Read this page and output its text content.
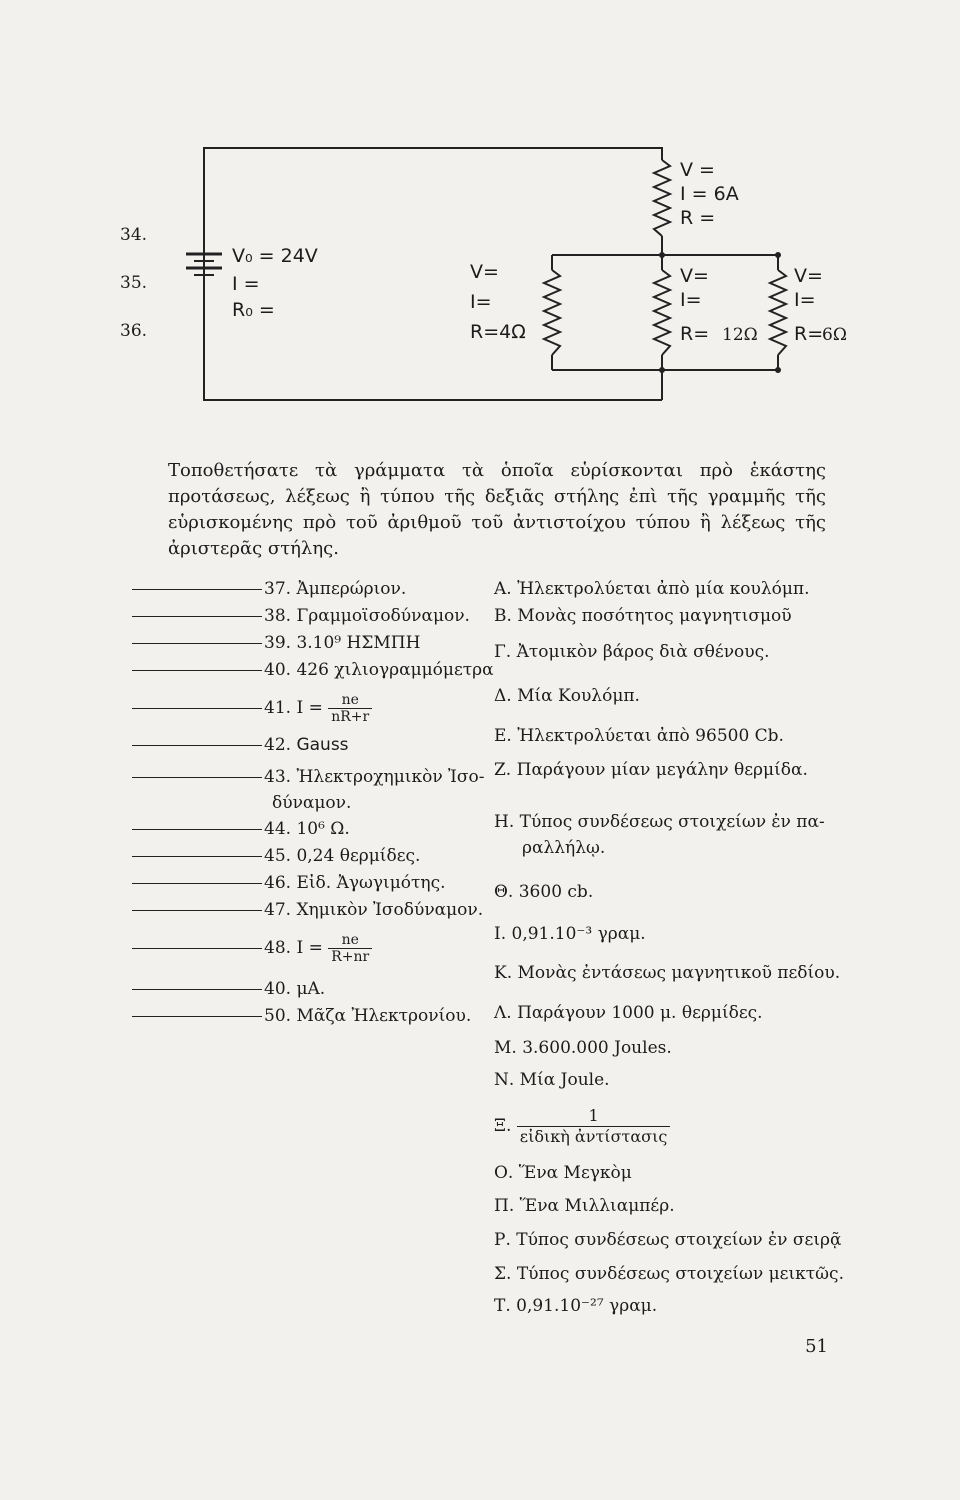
34.
35.
36.
V₀ = 24V
I =
R₀ =
V =
I = 6A
R =
V=
I=
R=4Ω
V=
I=
R= 12Ω
V=
I=
R=
6Ω
Τοποθετήσατε τὰ γράμματα τὰ ὁποῖα εὑρίσκονται πρὸ ἑκάστης προτάσεως, λέξεως ἢ τύπου τῆς δεξιᾶς στήλης ἐπὶ τῆς γραμμῆς τῆς εὑρισκομένης πρὸ τοῦ ἀριθμοῦ τοῦ ἀντιστοίχου τύπου ἢ λέξεως τῆς ἀριστερᾶς στήλης.
37. Ἀμπερώριον.
38. Γραμμοϊσοδύναμον.
39. 3.10⁹ ΗΣΜΠΗ
40. 426 χιλιογραμμόμετρα
41. $I = \frac{ne}{nR+r}$
42. Gauss
43. Ἠλεκτροχημικὸν Ἰσο-
δύναμον.
44. 10⁶ Ω.
45. 0,24 θερμίδες.
46. Εἰδ. Ἀγωγιμότης.
47. Χημικὸν Ἰσοδύναμον.
48. $I = \frac{ne}{R+nr}$
40. μA.
50. Μᾶζα Ἠλεκτρονίου.
Α. Ἠλεκτρολύεται ἀπὸ μία κουλόμπ.
Β. Μονὰς ποσότητος μαγνητισμοῦ
Γ. Ἀτομικὸν βάρος διὰ σθένους.
Δ. Μία Κουλόμπ.
Ε. Ἠλεκτρολύεται ἀπὸ 96500 Cb.
Ζ. Παράγουν μίαν μεγάλην θερμίδα.
Η. Τύπος συνδέσεως στοιχείων ἐν πα-
ραλλήλῳ.
Θ. 3600 cb.
Ι. 0,91.10⁻³ γραμ.
Κ. Μονὰς ἐντάσεως μαγνητικοῦ πεδίου.
Λ. Παράγουν 1000 μ. θερμίδες.
Μ. 3.600.000 Joules.
Ν. Μία Joule.
Ξ. $\frac{1}{\text{εἰδικὴ ἀντίστασις}}$
Ο. Ἕνα Μεγκὸμ
Π. Ἕνα Μιλλιαμπέρ.
Ρ. Τύπος συνδέσεως στοιχείων ἐν σειρᾷ
Σ. Τύπος συνδέσεως στοιχείων μεικτῶς.
Τ. 0,91.10⁻²⁷ γραμ.
51
